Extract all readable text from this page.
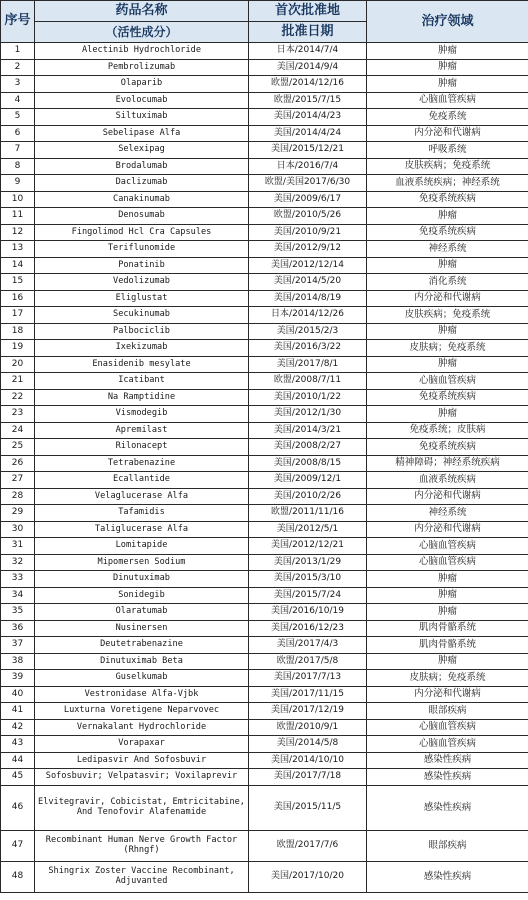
序号	药品名称	首次批准地	治疗领域
	（活性成分）	批准日期	
1	Alectinib Hydrochloride	日本/2014/7/4	肿瘤
2	Pembrolizumab	美国/2014/9/4	肿瘤
3	Olaparib	欧盟/2014/12/16	肿瘤
4	Evolocumab	欧盟/2015/7/15	心脑血管疾病
5	Siltuximab	美国/2014/4/23	免疫系统
6	Sebelipase Alfa	美国/2014/4/24	内分泌和代谢病
7	Selexipag	美国/2015/12/21	呼吸系统
8	Brodalumab	日本/2016/7/4	皮肤疾病；免疫系统
9	Daclizumab	欧盟/美国2017/6/30	血液系统疾病；神经系统
10	Canakinumab	美国/2009/6/17	免疫系统疾病
11	Denosumab	欧盟/2010/5/26	肿瘤
12	Fingolimod Hcl Cra Capsules	美国/2010/9/21	免疫系统疾病
13	Teriflunomide	美国/2012/9/12	神经系统
14	Ponatinib	美国/2012/12/14	肿瘤
15	Vedolizumab	美国/2014/5/20	消化系统
16	Eliglustat	美国/2014/8/19	内分泌和代谢病
17	Secukinumab	日本/2014/12/26	皮肤疾病；免疫系统
18	Palbociclib	美国/2015/2/3	肿瘤
19	Ixekizumab	美国/2016/3/22	皮肤病；免疫系统
20	Enasidenib mesylate	美国/2017/8/1	肿瘤
21	Icatibant	欧盟/2008/7/11	心脑血管疾病
22	Na Ramptidine	美国/2010/1/22	免疫系统疾病
23	Vismodegib	美国/2012/1/30	肿瘤
24	Apremilast	美国/2014/3/21	免疫系统；皮肤病
25	Rilonacept	美国/2008/2/27	免疫系统疾病
26	Tetrabenazine	美国/2008/8/15	精神障碍；神经系统疾病
27	Ecallantide	美国/2009/12/1	血液系统疾病
28	Velaglucerase Alfa	美国/2010/2/26	内分泌和代谢病
29	Tafamidis	欧盟/2011/11/16	神经系统
30	Taliglucerase Alfa	美国/2012/5/1	内分泌和代谢病
31	Lomitapide	美国/2012/12/21	心脑血管疾病
32	Mipomersen Sodium	美国/2013/1/29	心脑血管疾病
33	Dinutuximab	美国/2015/3/10	肿瘤
34	Sonidegib	美国/2015/7/24	肿瘤
35	Olaratumab	美国/2016/10/19	肿瘤
36	Nusinersen	美国/2016/12/23	肌肉骨骼系统
37	Deutetrabenazine	美国/2017/4/3	肌肉骨骼系统
38	Dinutuximab Beta	欧盟/2017/5/8	肿瘤
39	Guselkumab	美国/2017/7/13	皮肤病；免疫系统
40	Vestronidase Alfa-Vjbk	美国/2017/11/15	内分泌和代谢病
41	Luxturna Voretigene Neparvovec	美国/2017/12/19	眼部疾病
42	Vernakalant Hydrochloride	欧盟/2010/9/1	心脑血管疾病
43	Vorapaxar	美国/2014/5/8	心脑血管疾病
44	Ledipasvir And Sofosbuvir	美国/2014/10/10	感染性疾病
45	Sofosbuvir; Velpatasvir; Voxilaprevir	美国/2017/7/18	感染性疾病
46	Elvitegravir, Cobicistat, Emtricitabine, And Tenofovir Alafenamide	美国/2015/11/5	感染性疾病
47	Recombinant Human Nerve Growth Factor (Rhngf)	欧盟/2017/7/6	眼部疾病
48	Shingrix Zoster Vaccine Recombinant, Adjuvanted	美国/2017/10/20	感染性疾病
